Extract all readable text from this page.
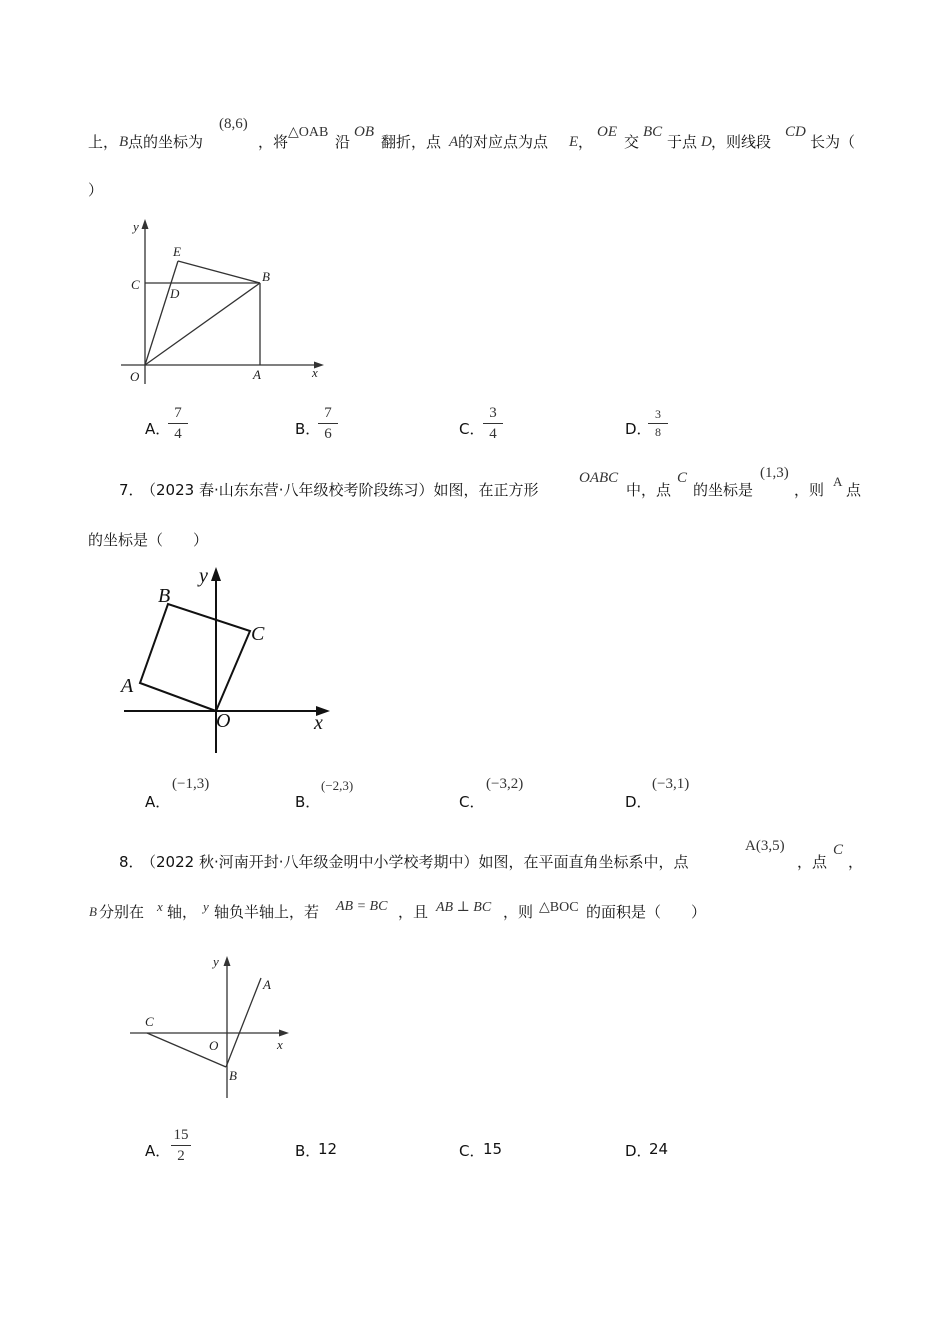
上， B 点的坐标为
(8,6)
，将
△OAB
沿
OB
翻折，点 A 的对应点为点 E ，
OE
交
BC
于点 D ，则线段
CD
长为（
）
y
x
E
B
C
D
O	A
A．
7
4	B．
7
6	C．
3
4	D．
3
8
7．
（2023 春·山东东营·八年级校考阶段练习）如图，在正方形
OABC
中，点
C
的坐标是
(1,3)
，则 A 点
的坐标是（　　）
y
x
B
C
A
O
A．
(−1,3)
B．
(−2,3)
C．
(−3,2)
D．
(−3,1)
8．
（2022 秋·河南开封·八年级金明中小学校考期中）如图，在平面直角坐标系中，点
A(3,5)
，点
C
，
B 分别在 x 轴， y 轴负半轴上，若 AB = BC ，且 AB ⊥ BC ，则 △BOC 的面积是（　　）
y
x
A
C
O
B
A．
15
2	B．
12	C．
15	D．
24
